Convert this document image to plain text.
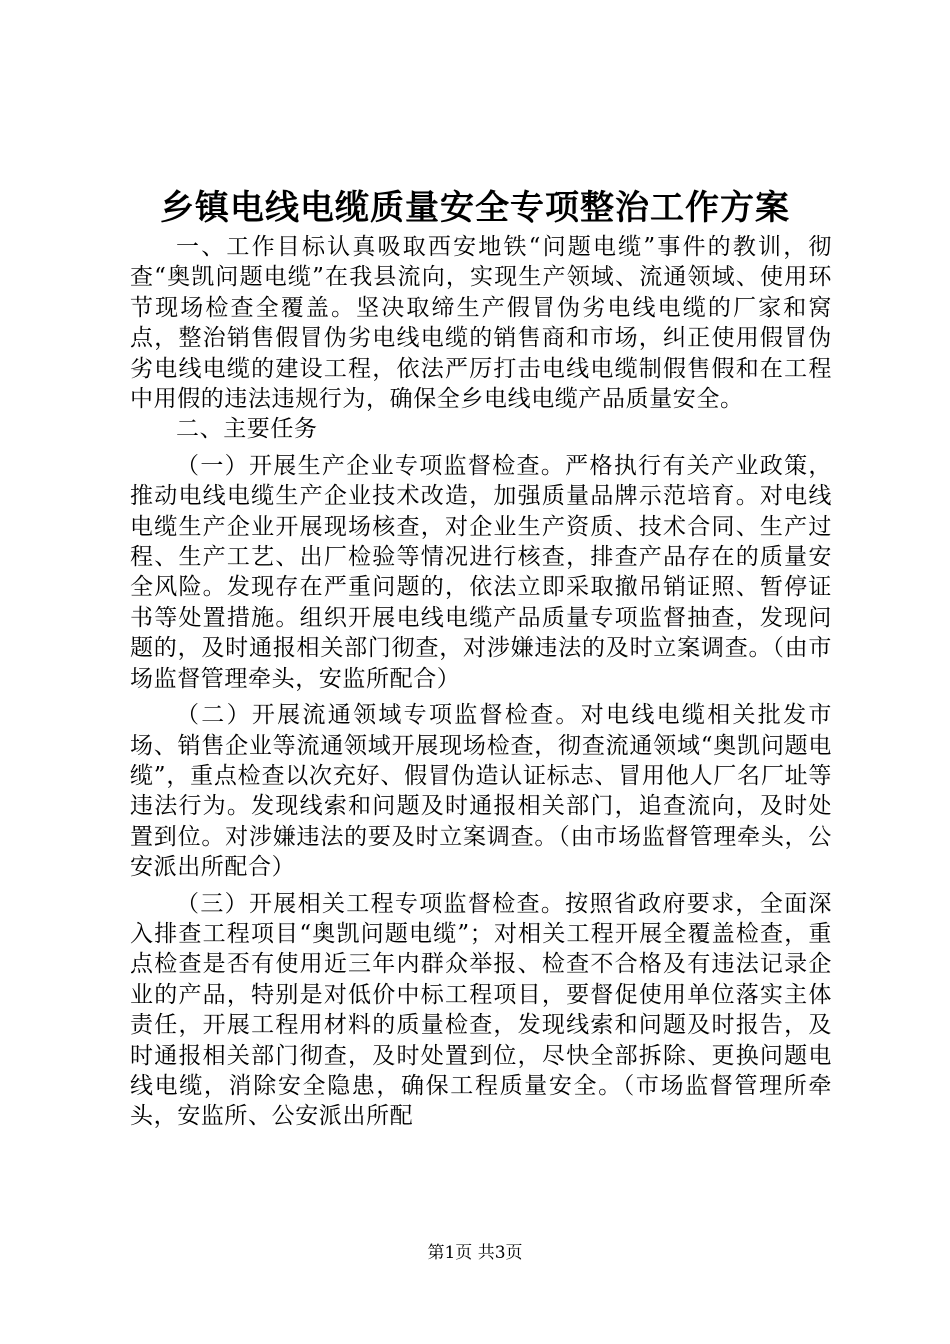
乡镇电线电缆质量安全专项整治工作方案

一、工作目标认真吸取西安地铁“问题电缆”事件的教训，彻查“奥凯问题电缆”在我县流向，实现生产领域、流通领域、使用环节现场检查全覆盖。坚决取缔生产假冒伪劣电线电缆的厂家和窝点，整治销售假冒伪劣电线电缆的销售商和市场，纠正使用假冒伪劣电线电缆的建设工程，依法严厉打击电线电缆制假售假和在工程中用假的违法违规行为，确保全乡电线电缆产品质量安全。

二、主要任务

（一）开展生产企业专项监督检查。严格执行有关产业政策，推动电线电缆生产企业技术改造，加强质量品牌示范培育。对电线电缆生产企业开展现场核查，对企业生产资质、技术合同、生产过程、生产工艺、出厂检验等情况进行核查，排查产品存在的质量安全风险。发现存在严重问题的，依法立即采取撤吊销证照、暂停证书等处置措施。组织开展电线电缆产品质量专项监督抽查，发现问题的，及时通报相关部门彻查，对涉嫌违法的及时立案调查。（由市场监督管理牵头，安监所配合）

（二）开展流通领域专项监督检查。对电线电缆相关批发市场、销售企业等流通领域开展现场检查，彻查流通领域“奥凯问题电缆”，重点检查以次充好、假冒伪造认证标志、冒用他人厂名厂址等违法行为。发现线索和问题及时通报相关部门，追查流向，及时处置到位。对涉嫌违法的要及时立案调查。（由市场监督管理牵头，公安派出所配合）

（三）开展相关工程专项监督检查。按照省政府要求，全面深入排查工程项目“奥凯问题电缆”；对相关工程开展全覆盖检查，重点检查是否有使用近三年内群众举报、检查不合格及有违法记录企业的产品，特别是对低价中标工程项目，要督促使用单位落实主体责任，开展工程用材料的质量检查，发现线索和问题及时报告，及时通报相关部门彻查，及时处置到位，尽快全部拆除、更换问题电线电缆，消除安全隐患，确保工程质量安全。（市场监督管理所牵头，安监所、公安派出所配

第1页 共3页
